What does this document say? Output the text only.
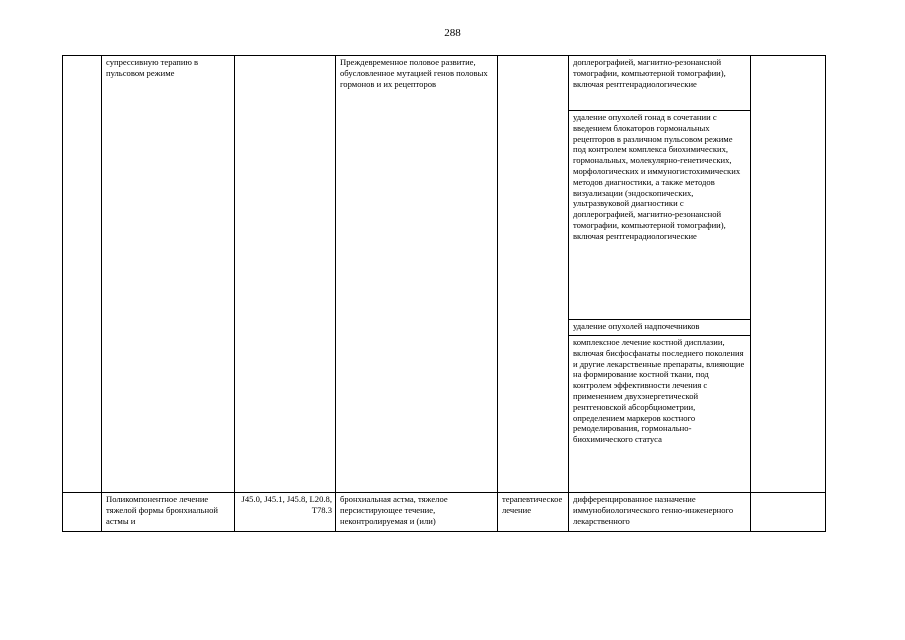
288

	супрессивную терапию в пульсовом режиме		Преждевременное половое развитие, обусловленное мутацией генов половых гормонов и их рецепторов		доплерографией, магнитно-резонансной томографии, компьютерной томографии), включая рентгенрадиологические	

					удаление опухолей гонад в сочетании с введением блокаторов гормональных рецепторов в различном пульсовом режиме под контролем комплекса биохимических, гормональных, молекулярно-генетических, морфологических и иммуногистохимических методов диагностики, а также методов визуализации (эндоскопических, ультразвуковой диагностики с доплерографией, магнитно-резонансной томографии, компьютерной томографии), включая рентгенрадиологические	

					удаление опухолей надпочечников	

					комплексное лечение костной дисплазии, включая бисфосфанаты последнего поколения и другие лекарственные препараты, влияющие на формирование костной ткани, под контролем эффективности лечения с применением двухэнергетической рентгеновской абсорбциометрии, определением маркеров костного ремоделирования, гормонально-биохимического статуса	

	Поликомпонентное лечение тяжелой формы бронхиальной астмы и	J45.0, J45.1, J45.8, L20.8, T78.3	бронхиальная астма, тяжелое персистирующее течение, неконтролируемая и (или)	терапевтическое лечение	дифференцированное назначение иммунобиологического генно-инженерного лекарственного	
